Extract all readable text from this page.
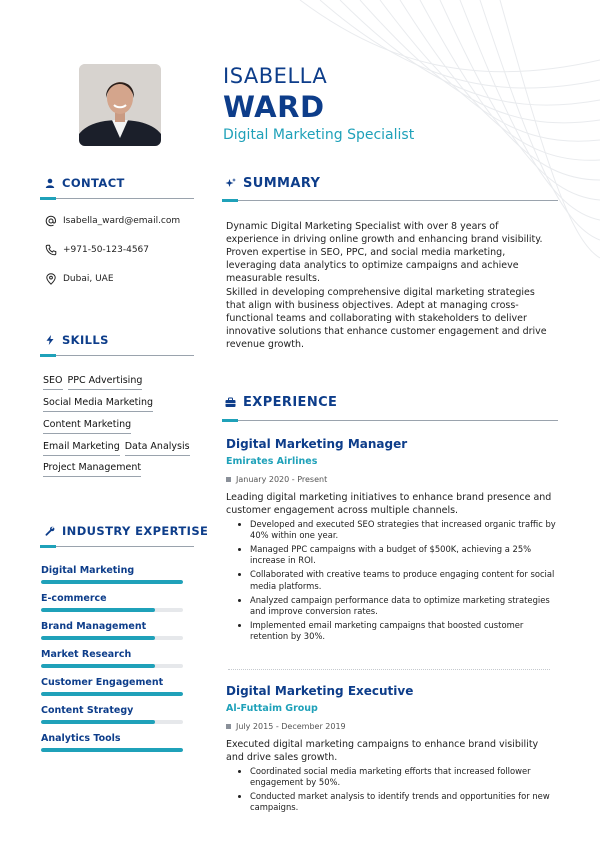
ISABELLA
WARD
Digital Marketing Specialist
CONTACT
Isabella_ward@email.com
+971-50-123-4567
Dubai, UAE
SKILLS
SEO PPC Advertising
Social Media Marketing
Content Marketing
Email Marketing Data Analysis
Project Management
INDUSTRY EXPERTISE
Digital Marketing
E-commerce
Brand Management
Market Research
Customer Engagement
Content Strategy
Analytics Tools
SUMMARY
Dynamic Digital Marketing Specialist with over 8 years of experience in driving online growth and enhancing brand visibility. Proven expertise in SEO, PPC, and social media marketing, leveraging data analytics to optimize campaigns and achieve measurable results.
Skilled in developing comprehensive digital marketing strategies that align with business objectives. Adept at managing cross-functional teams and collaborating with stakeholders to deliver innovative solutions that enhance customer engagement and drive revenue growth.
EXPERIENCE
Digital Marketing Manager
Emirates Airlines
January 2020 - Present
Leading digital marketing initiatives to enhance brand presence and customer engagement across multiple channels.
Developed and executed SEO strategies that increased organic traffic by 40% within one year.
Managed PPC campaigns with a budget of $500K, achieving a 25% increase in ROI.
Collaborated with creative teams to produce engaging content for social media platforms.
Analyzed campaign performance data to optimize marketing strategies and improve conversion rates.
Implemented email marketing campaigns that boosted customer retention by 30%.
Digital Marketing Executive
Al-Futtaim Group
July 2015 - December 2019
Executed digital marketing campaigns to enhance brand visibility and drive sales growth.
Coordinated social media marketing efforts that increased follower engagement by 50%.
Conducted market analysis to identify trends and opportunities for new campaigns.
